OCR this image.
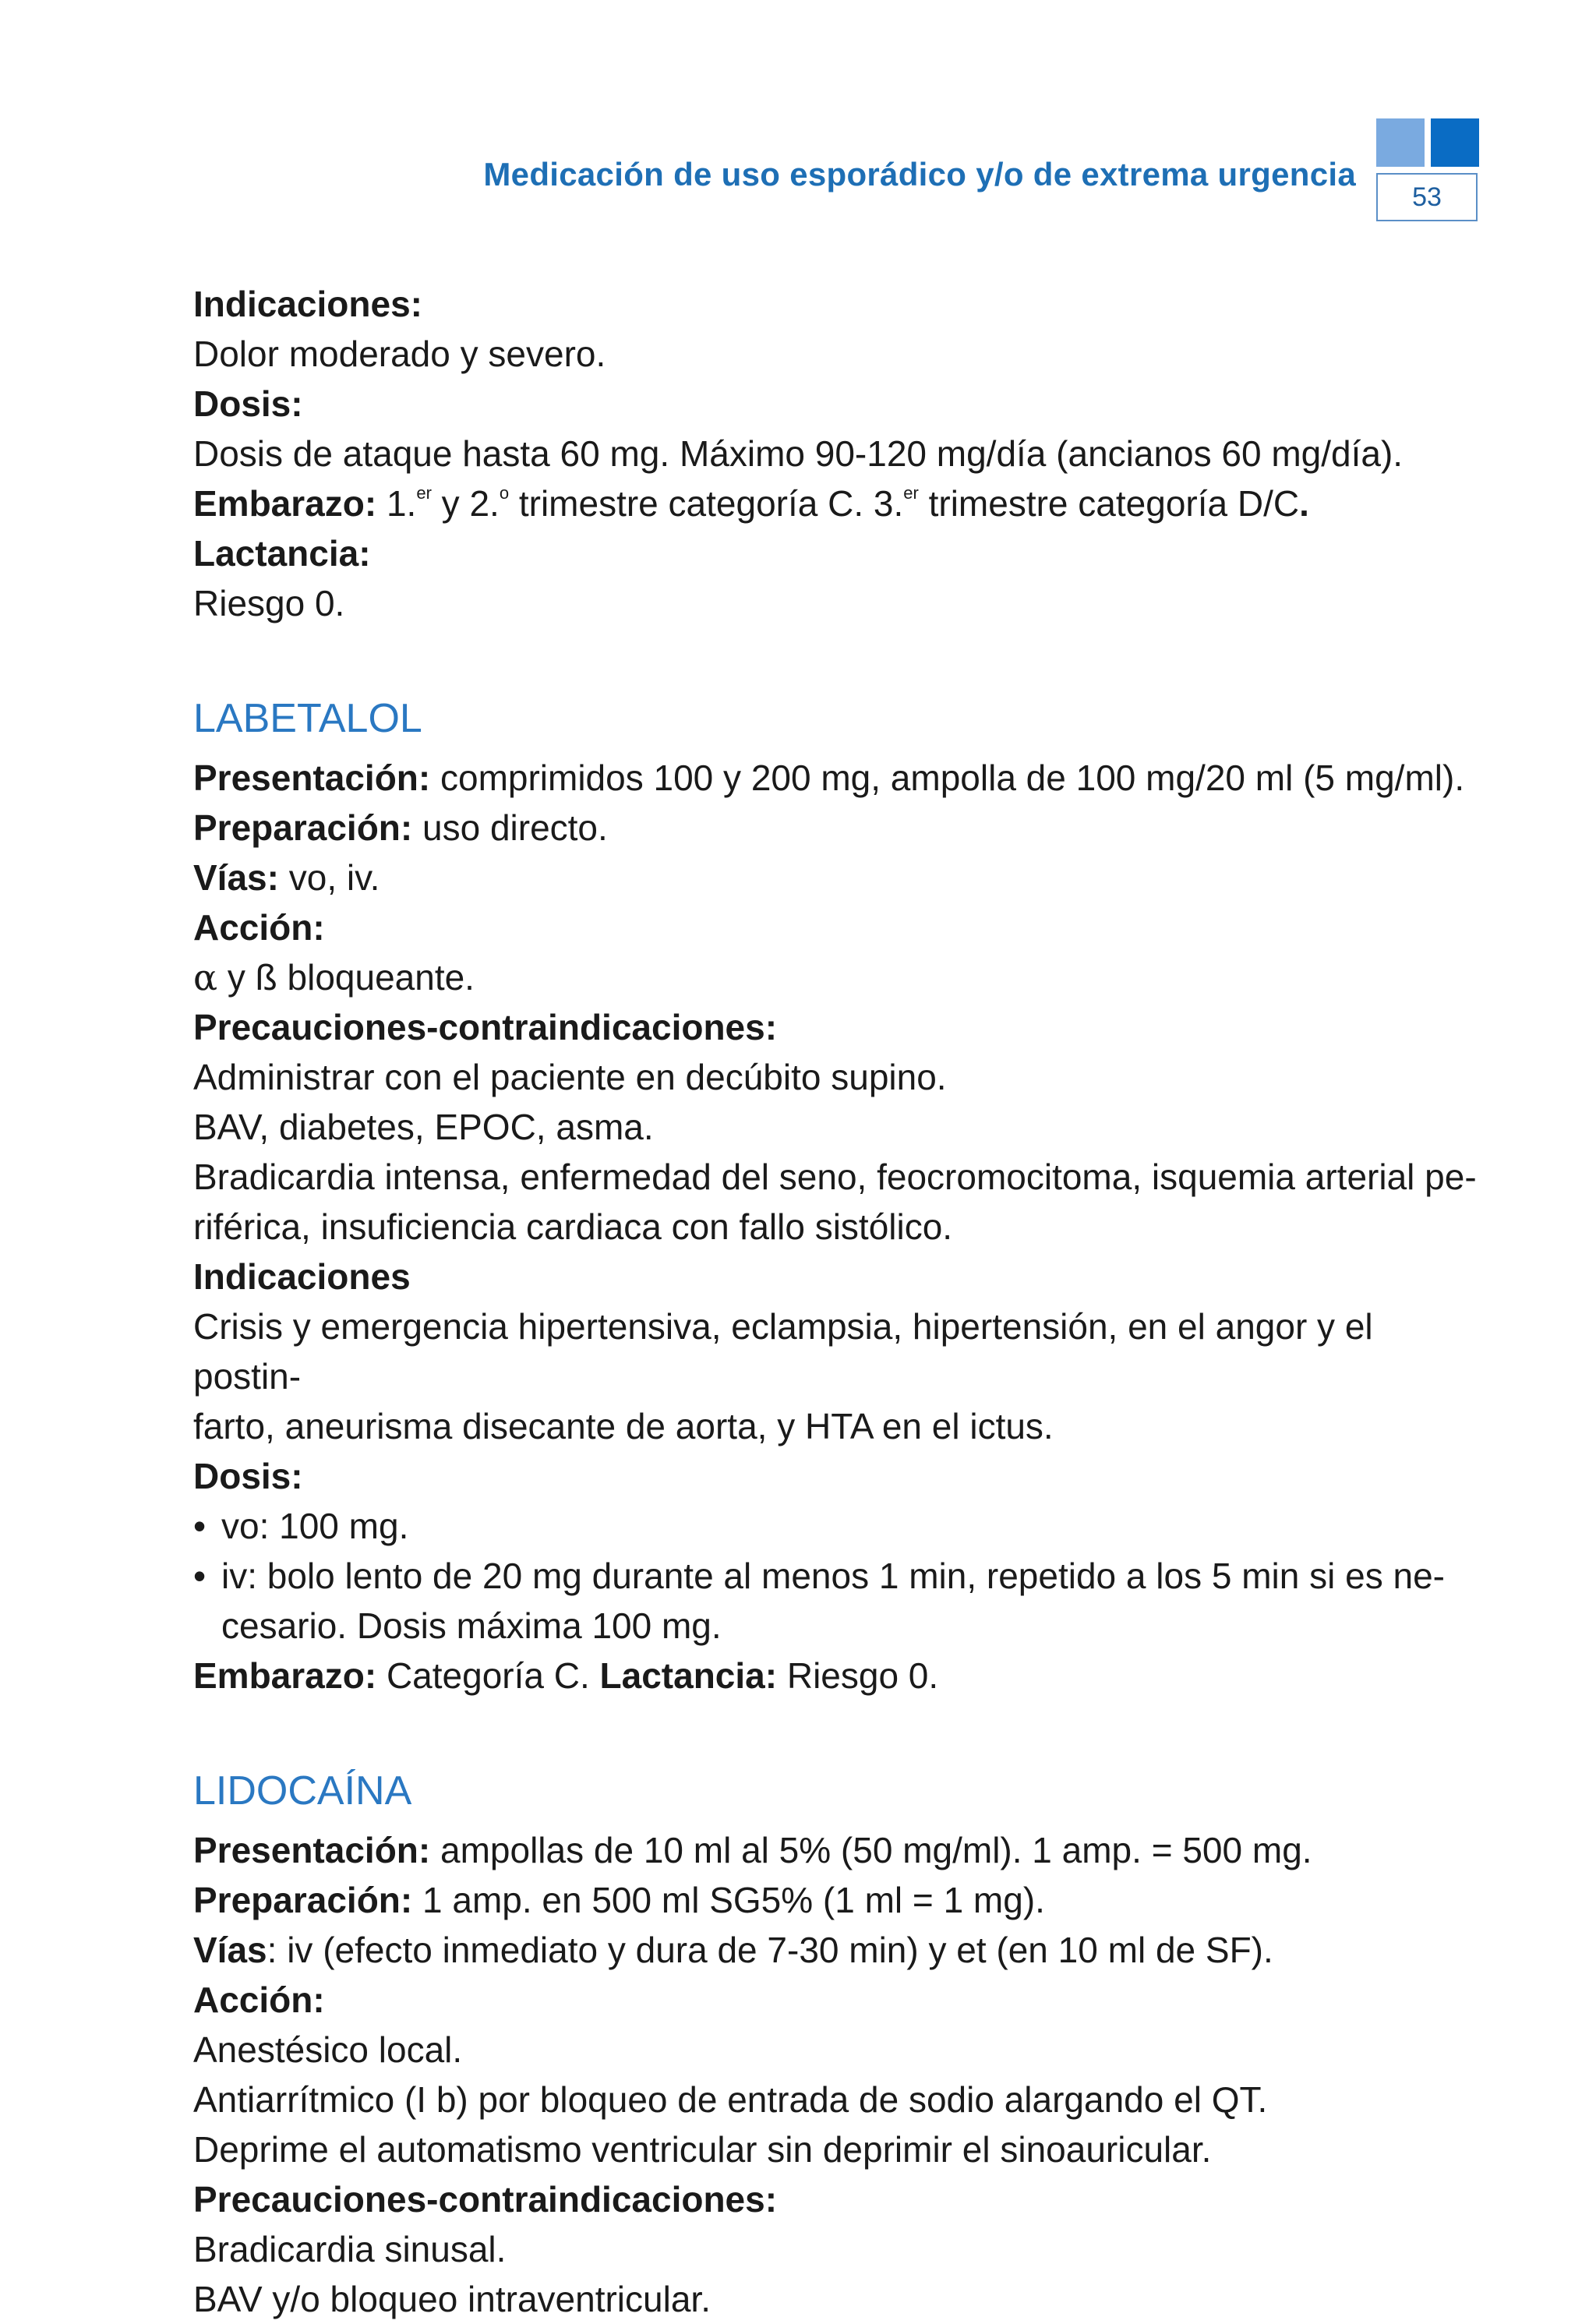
Medicación de uso esporádico y/o de extrema urgencia
53

Indicaciones:

Dolor moderado y severo.

Dosis:

Dosis de ataque hasta 60 mg. Máximo 90-120 mg/día (ancianos 60 mg/día).

Embarazo: 1.$^{er}$ y 2.$^o$ trimestre categoría C. 3.$^{er}$ trimestre categoría D/C. Lactancia:

Riesgo 0.

LABETALOL

Presentación: comprimidos 100 y 200 mg, ampolla de 100 mg/20 ml (5 mg/ml).

Preparación: uso directo.

Vías: vo, iv.

Acción:

α y ß bloqueante.

Precauciones-contraindicaciones:

Administrar con el paciente en decúbito supino.

BAV, diabetes, EPOC, asma.

Bradicardia intensa, enfermedad del seno, feocromocitoma, isquemia arterial pe-
riférica, insuficiencia cardiaca con fallo sistólico.

Indicaciones

Crisis y emergencia hipertensiva, eclampsia, hipertensión, en el angor y el postin-
farto, aneurisma disecante de aorta, y HTA en el ictus.

Dosis:

• vo: 100 mg.

• iv: bolo lento de 20 mg durante al menos 1 min, repetido a los 5 min si es ne-
cesario. Dosis máxima 100 mg.

Embarazo: Categoría C. Lactancia: Riesgo 0.

LIDOCAÍNA

Presentación: ampollas de 10 ml al 5% (50 mg/ml). 1 amp. = 500 mg.

Preparación: 1 amp. en 500 ml SG5% (1 ml = 1 mg).

Vías: iv (efecto inmediato y dura de 7-30 min) y et (en 10 ml de SF).

Acción:

Anestésico local.

Antiarrítmico (I b) por bloqueo de entrada de sodio alargando el QT.

Deprime el automatismo ventricular sin deprimir el sinoauricular.

Precauciones-contraindicaciones:

Bradicardia sinusal.

BAV y/o bloqueo intraventricular.
